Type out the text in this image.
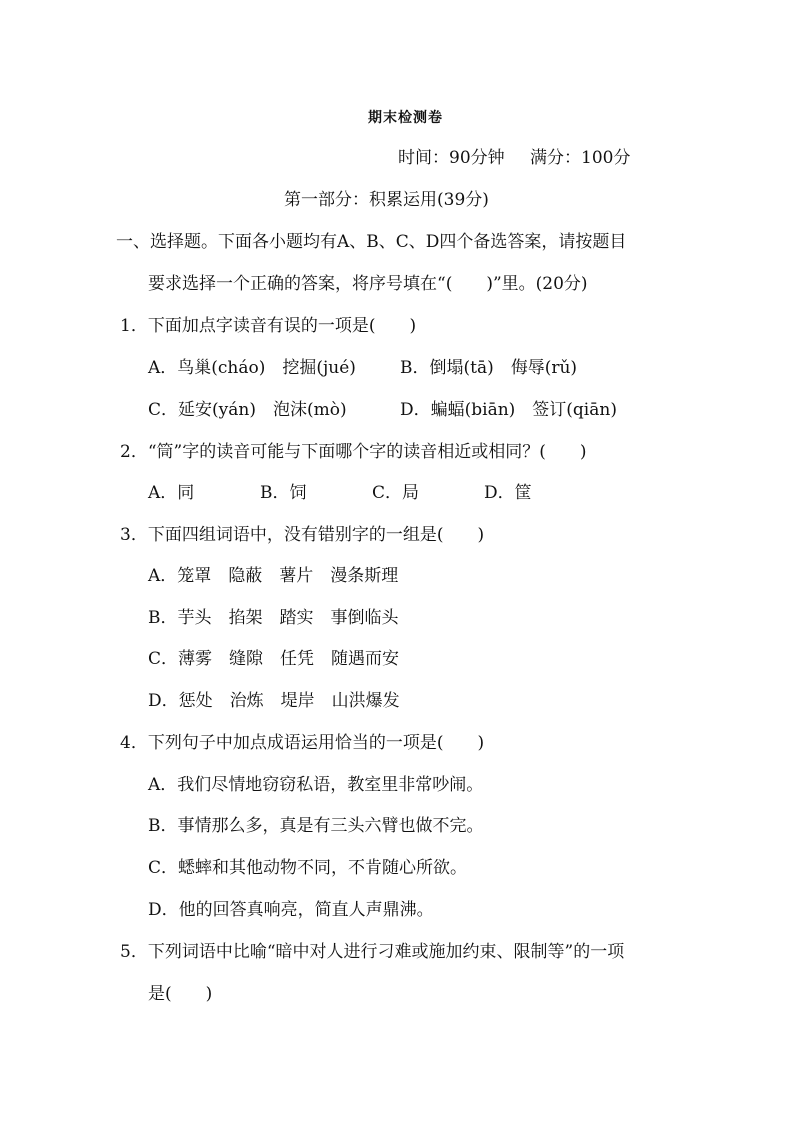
期末检测卷
时间：90分钟 满分：100分
第一部分：积累运用(39分)
一、选择题。下面各小题均有A、B、C、D四个备选答案，请按题目
要求选择一个正确的答案，将序号填在“(　　)”里。(20分)
1．下面加点字读音有误的一项是(　　)
A．鸟巢(cháo)　挖掘(jué)	B．倒塌(tā)　侮辱(rǔ)
C．延安(yán)　泡沫(mò)	D．蝙蝠(biān)　签订(qiān)
2．“筒”字的读音可能与下面哪个字的读音相近或相同？(　　)
A．同	B．饲	C．局	D．筐
3．下面四组词语中，没有错别字的一组是(　　)
A．笼罩　隐蔽　薯片　漫条斯理
B．芋头　掐架　踏实　事倒临头
C．薄雾　缝隙　任凭　随遇而安
D．惩处　治炼　堤岸　山洪爆发
4．下列句子中加点成语运用恰当的一项是(　　)
A．我们尽情地窃窃私语，教室里非常吵闹。
B．事情那么多，真是有三头六臂也做不完。
C．蟋蟀和其他动物不同，不肯随心所欲。
D．他的回答真响亮，简直人声鼎沸。
5．下列词语中比喻“暗中对人进行刁难或施加约束、限制等”的一项
是(　　)
